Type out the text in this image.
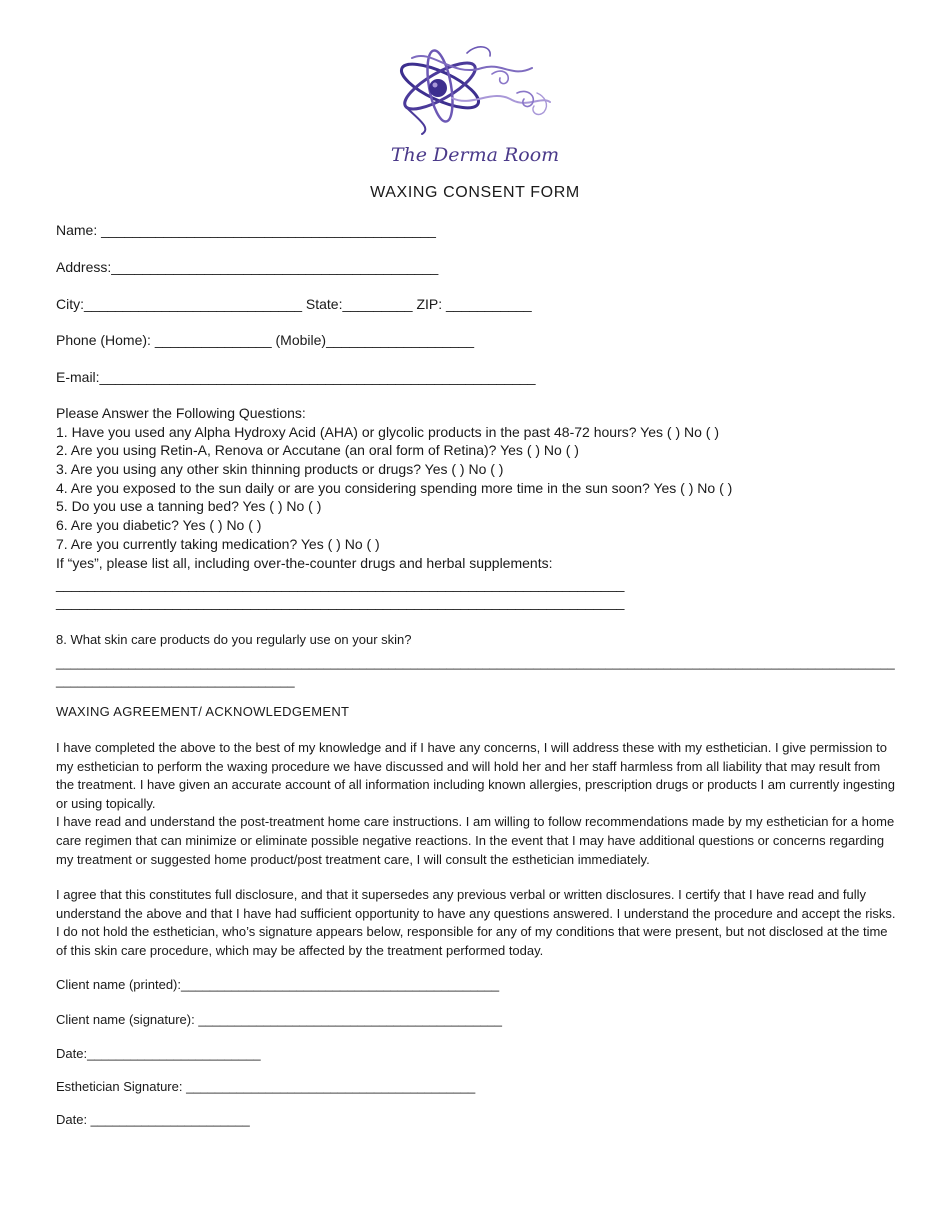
The Derma Room
WAXING CONSENT FORM
Name: ___________________________________________
Address:__________________________________________
City:____________________________ State:_________ ZIP: ___________
Phone (Home): _______________ (Mobile)___________________
E-mail:________________________________________________________
Please Answer the Following Questions:
1. Have you used any Alpha Hydroxy Acid (AHA) or glycolic products in the past 48-72 hours? Yes ( ) No ( )
2. Are you using Retin-A, Renova or Accutane (an oral form of Retina)? Yes ( ) No ( )
3. Are you using any other skin thinning products or drugs? Yes ( ) No ( )
4. Are you exposed to the sun daily or are you considering spending more time in the sun soon? Yes ( ) No ( )
5. Do you use a tanning bed? Yes ( ) No ( )
6. Are you diabetic? Yes ( ) No ( )
7. Are you currently taking medication? Yes ( ) No ( )
If “yes”, please list all, including over-the-counter drugs and herbal supplements:
_________________________________________________________________________
_________________________________________________________________________
8. What skin care products do you regularly use on your skin?
____________________________________________________________________________________________________________________
_________________________________
WAXING AGREEMENT/ ACKNOWLEDGEMENT

I have completed the above to the best of my knowledge and if I have any concerns, I will address these with my esthetician. I give permission to my esthetician to perform the waxing procedure we have discussed and will hold her and her staff harmless from all liability that may result from the treatment. I have given an accurate account of all information including known allergies, prescription drugs or products I am currently ingesting or using topically.

I have read and understand the post-treatment home care instructions. I am willing to follow recommendations made by my esthetician for a home care regimen that can minimize or eliminate possible negative reactions. In the event that I may have additional questions or concerns regarding my treatment or suggested home product/post treatment care, I will consult the esthetician immediately.

I agree that this constitutes full disclosure, and that it supersedes any previous verbal or written disclosures. I certify that I have read and fully understand the above and that I have had sufficient opportunity to have any questions answered. I understand the procedure and accept the risks. I do not hold the esthetician, who’s signature appears below, responsible for any of my conditions that were present, but not disclosed at the time of this skin care procedure, which may be affected by the treatment performed today.

Client name (printed):____________________________________________
Client name (signature): __________________________________________
Date:________________________
Esthetician Signature: ________________________________________
Date: ______________________
